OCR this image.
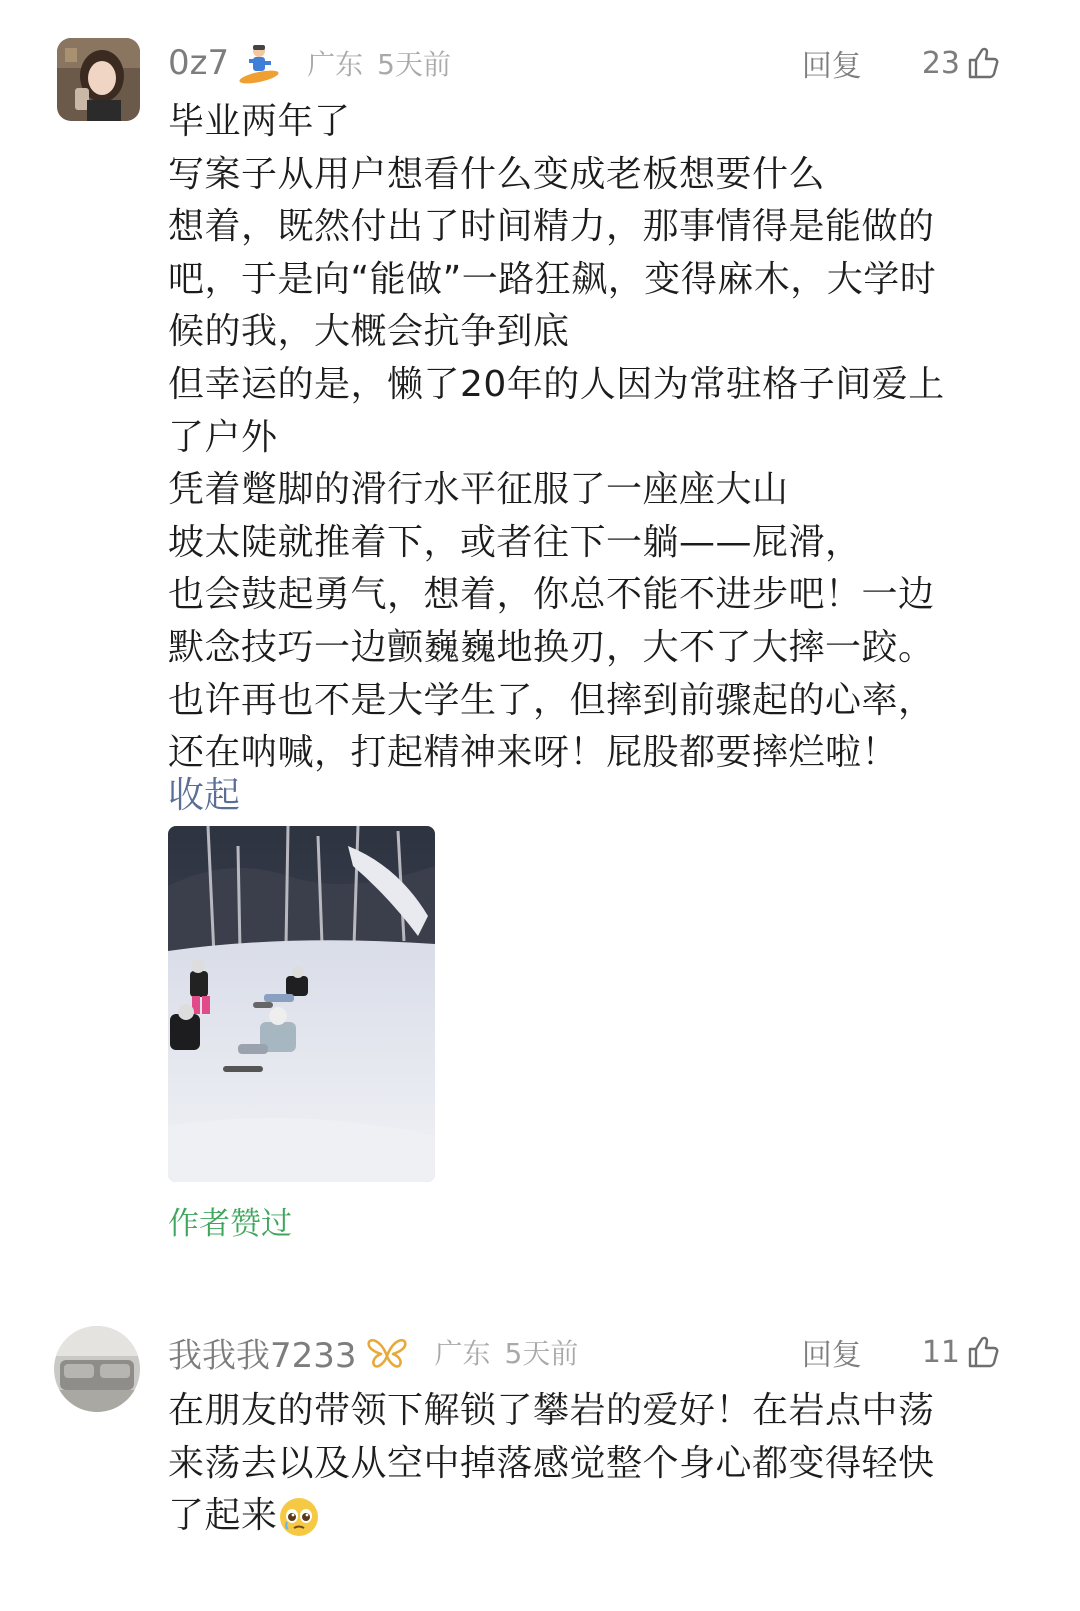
0z7	广东 5天前	回复 23
毕业两年了
写案子从用户想看什么变成老板想要什么
想着，既然付出了时间精力，那事情得是能做的
吧，于是向“能做”一路狂飙，变得麻木，大学时
候的我，大概会抗争到底
但幸运的是，懒了20年的人因为常驻格子间爱上
了户外
凭着蹩脚的滑行水平征服了一座座大山
坡太陡就推着下，或者往下一躺——屁滑，
也会鼓起勇气，想着，你总不能不进步吧！一边
默念技巧一边颤巍巍地换刃，大不了大摔一跤。
也许再也不是大学生了，但摔到前骤起的心率，
还在呐喊，打起精神来呀！屁股都要摔烂啦！
收起
作者赞过
我我我7233	广东 5天前	回复 11
在朋友的带领下解锁了攀岩的爱好！在岩点中荡
来荡去以及从空中掉落感觉整个身心都变得轻快
了起来
